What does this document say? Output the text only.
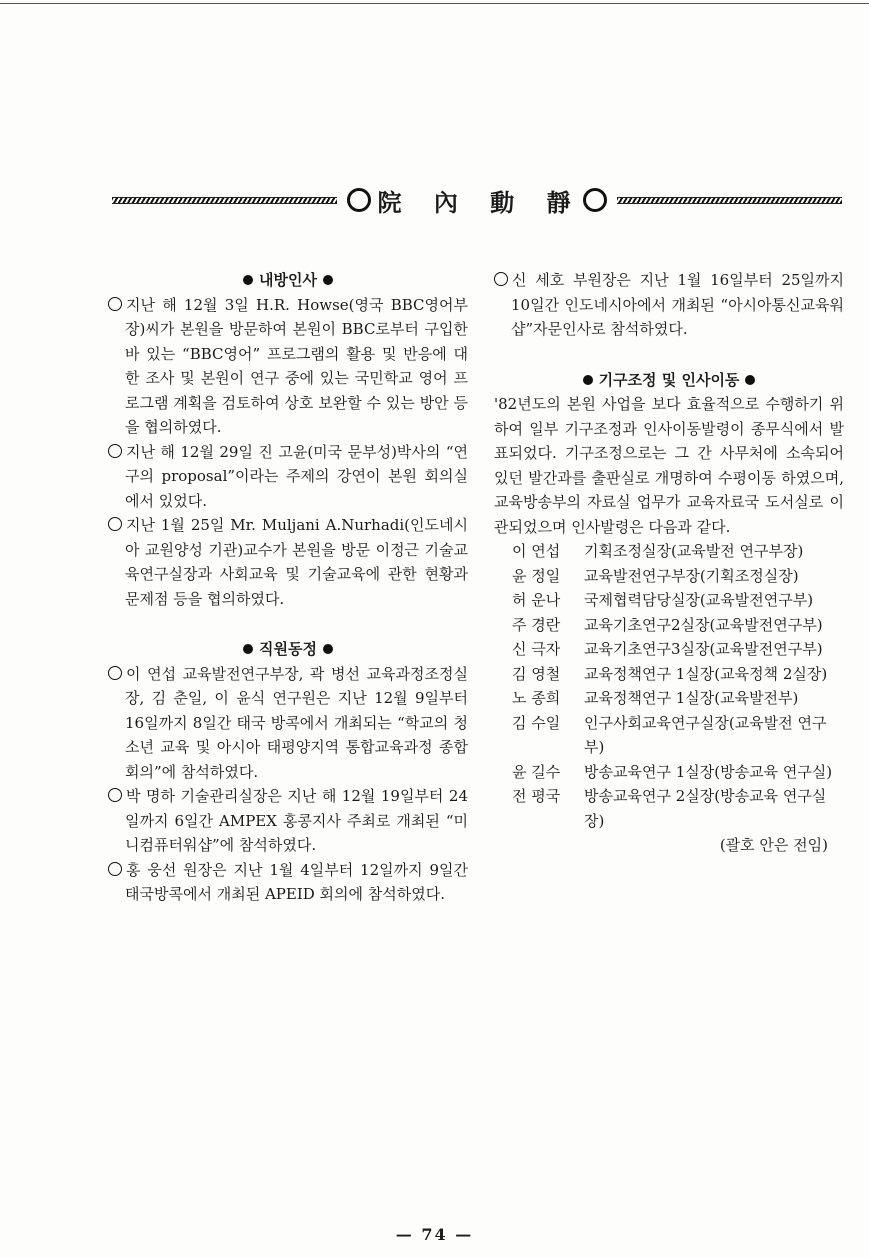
院 內 動 靜

내방인사

지난 해 12월 3일 H.R. Howse(영국 BBC영어부장)씨가 본원을 방문하여 본원이 BBC로부터 구입한 바 있는 “BBC영어” 프로그램의 활용 및 반응에 대한 조사 및 본원이 연구 중에 있는 국민학교 영어 프로그램 계획을 검토하여 상호 보완할 수 있는 방안 등을 협의하였다.

지난 해 12월 29일 진 고윤(미국 문부성)박사의 “연구의 proposal”이라는 주제의 강연이 본원 회의실에서 있었다.

지난 1월 25일 Mr. Muljani A.Nurhadi(인도네시아 교원양성 기관)교수가 본원을 방문 이정근 기술교육연구실장과 사회교육 및 기술교육에 관한 현황과 문제점 등을 협의하였다.

직원동정

이 연섭 교육발전연구부장, 곽 병선 교육과정조정실장, 김 춘일, 이 윤식 연구원은 지난 12월 9일부터 16일까지 8일간 태국 방콕에서 개최되는 “학교의 청소년 교육 및 아시아 태평양지역 통합교육과정 종합회의”에 참석하였다.

박 명하 기술관리실장은 지난 해 12월 19일부터 24일까지 6일간 AMPEX 홍콩지사 주최로 개최된 “미니컴퓨터워샵”에 참석하였다.

홍 웅선 원장은 지난 1월 4일부터 12일까지 9일간 태국방콕에서 개최된 APEID 회의에 참석하였다.

신 세호 부원장은 지난 1월 16일부터 25일까지 10일간 인도네시아에서 개최된 “아시아통신교육워샵”자문인사로 참석하였다.

기구조정 및 인사이동

'82년도의 본원 사업을 보다 효율적으로 수행하기 위하여 일부 기구조정과 인사이동발령이 종무식에서 발표되었다. 기구조정으로는 그 간 사무처에 소속되어 있던 발간과를 출판실로 개명하여 수평이동 하였으며, 교육방송부의 자료실 업무가 교육자료국 도서실로 이관되었으며 인사발령은 다음과 같다.

이 연섭	기획조정실장(교육발전 연구부장)
윤 정일	교육발전연구부장(기획조정실장)
허 운나	국제협력담당실장(교육발전연구부)
주 경란	교육기초연구2실장(교육발전연구부)
신 극자	교육기초연구3실장(교육발전연구부)
김 영철	교육정책연구 1실장(교육정책 2실장)
노 종희	교육정책연구 1실장(교육발전부)
김 수일	인구사회교육연구실장(교육발전 연구부)
윤 길수	방송교육연구 1실장(방송교육 연구실)
전 평국	방송교육연구 2실장(방송교육 연구실장)

(괄호 안은 전임)

— 74 —
